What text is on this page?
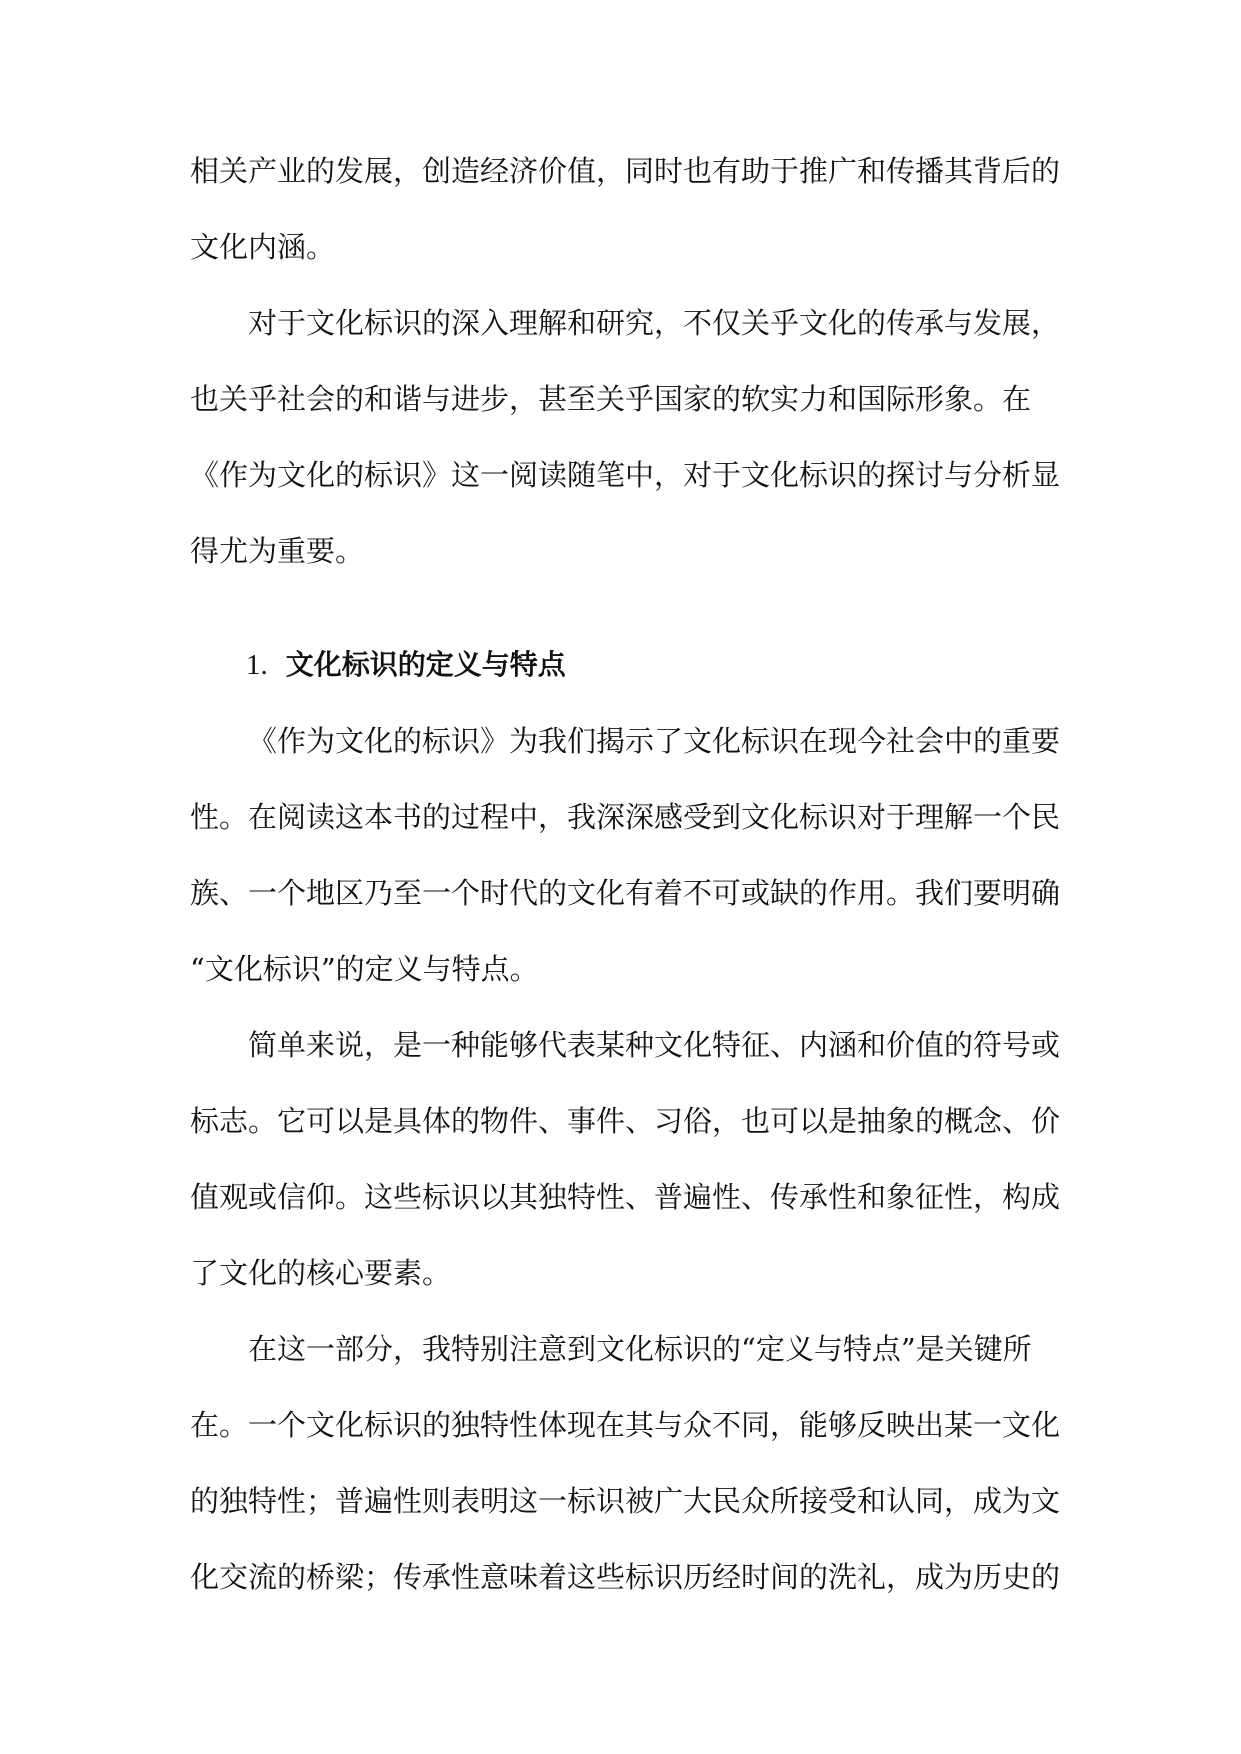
相关产业的发展，创造经济价值，同时也有助于推广和传播其背后的
文化内涵。
对于文化标识的深入理解和研究，不仅关乎文化的传承与发展，
也关乎社会的和谐与进步，甚至关乎国家的软实力和国际形象。在
《作为文化的标识》这一阅读随笔中，对于文化标识的探讨与分析显
得尤为重要。
1. 文化标识的定义与特点
《作为文化的标识》为我们揭示了文化标识在现今社会中的重要
性。在阅读这本书的过程中，我深深感受到文化标识对于理解一个民
族、一个地区乃至一个时代的文化有着不可或缺的作用。我们要明确
“文化标识”的定义与特点。
简单来说，是一种能够代表某种文化特征、内涵和价值的符号或
标志。它可以是具体的物件、事件、习俗，也可以是抽象的概念、价
值观或信仰。这些标识以其独特性、普遍性、传承性和象征性，构成
了文化的核心要素。
在这一部分，我特别注意到文化标识的“定义与特点”是关键所
在。一个文化标识的独特性体现在其与众不同，能够反映出某一文化
的独特性；普遍性则表明这一标识被广大民众所接受和认同，成为文
化交流的桥梁；传承性意味着这些标识历经时间的洗礼，成为历史的
